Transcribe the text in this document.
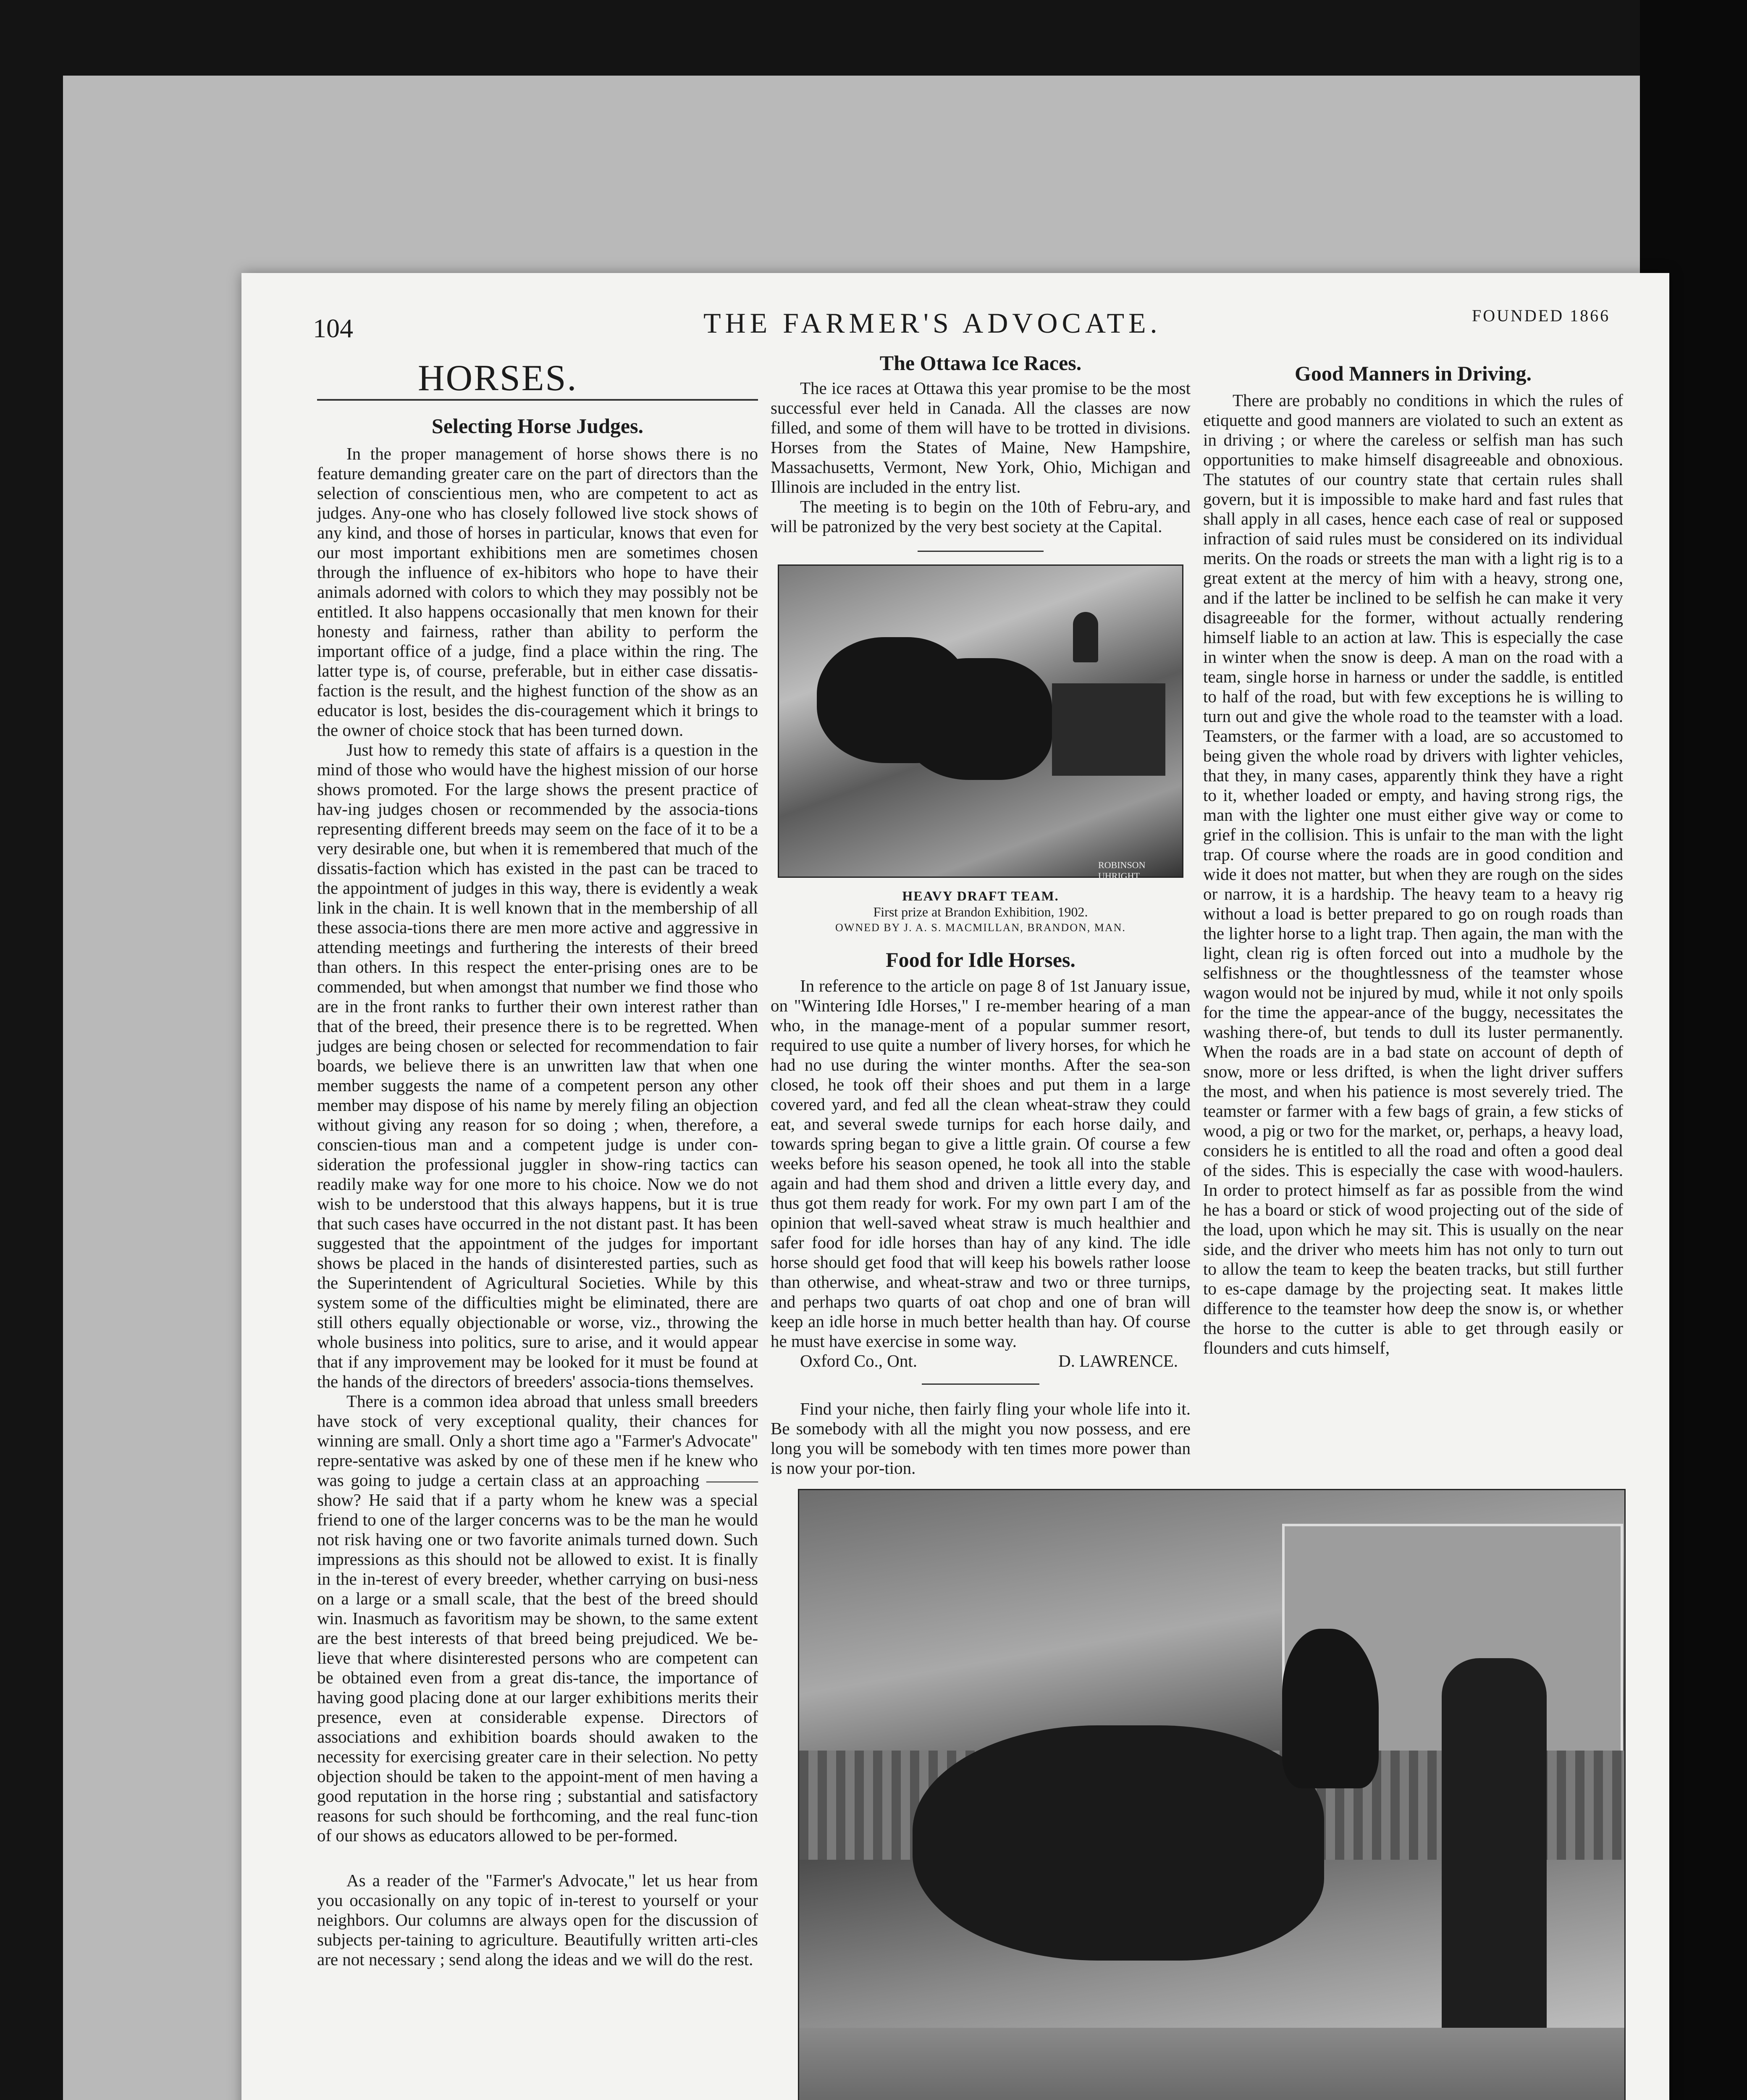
104	THE FARMER'S ADVOCATE.	FOUNDED 1866
HORSES.
Selecting Horse Judges.

In the proper management of horse shows there is no feature demanding greater care on the part of directors than the selection of conscientious men, who are competent to act as judges. Any-one who has closely followed live stock shows of any kind, and those of horses in particular, knows that even for our most important exhibitions men are sometimes chosen through the influence of ex-hibitors who hope to have their animals adorned with colors to which they may possibly not be entitled. It also happens occasionally that men known for their honesty and fairness, rather than ability to perform the important office of a judge, find a place within the ring. The latter type is, of course, preferable, but in either case dissatis-faction is the result, and the highest function of the show as an educator is lost, besides the dis-couragement which it brings to the owner of choice stock that has been turned down.

Just how to remedy this state of affairs is a question in the mind of those who would have the highest mission of our horse shows promoted. For the large shows the present practice of hav-ing judges chosen or recommended by the associa-tions representing different breeds may seem on the face of it to be a very desirable one, but when it is remembered that much of the dissatis-faction which has existed in the past can be traced to the appointment of judges in this way, there is evidently a weak link in the chain. It is well known that in the membership of all these associa-tions there are men more active and aggressive in attending meetings and furthering the interests of their breed than others. In this respect the enter-prising ones are to be commended, but when amongst that number we find those who are in the front ranks to further their own interest rather than that of the breed, their presence there is to be regretted. When judges are being chosen or selected for recommendation to fair boards, we believe there is an unwritten law that when one member suggests the name of a competent person any other member may dispose of his name by merely filing an objection without giving any reason for so doing ; when, therefore, a conscien-tious man and a competent judge is under con-sideration the professional juggler in show-ring tactics can readily make way for one more to his choice. Now we do not wish to be understood that this always happens, but it is true that such cases have occurred in the not distant past. It has been suggested that the appointment of the judges for important shows be placed in the hands of disinterested parties, such as the Superintendent of Agricultural Societies. While by this system some of the difficulties might be eliminated, there are still others equally objectionable or worse, viz., throwing the whole business into politics, sure to arise, and it would appear that if any improvement may be looked for it must be found at the hands of the directors of breeders' associa-tions themselves.

There is a common idea abroad that unless small breeders have stock of very exceptional quality, their chances for winning are small. Only a short time ago a "Farmer's Advocate" repre-sentative was asked by one of these men if he knew who was going to judge a certain class at an approaching ——— show? He said that if a party whom he knew was a special friend to one of the larger concerns was to be the man he would not risk having one or two favorite animals turned down. Such impressions as this should not be allowed to exist. It is finally in the in-terest of every breeder, whether carrying on busi-ness on a large or a small scale, that the best of the breed should win. Inasmuch as favoritism may be shown, to the same extent are the best interests of that breed being prejudiced. We be-lieve that where disinterested persons who are competent can be obtained even from a great dis-tance, the importance of having good placing done at our larger exhibitions merits their presence, even at considerable expense. Directors of associations and exhibition boards should awaken to the necessity for exercising greater care in their selection. No petty objection should be taken to the appoint-ment of men having a good reputation in the horse ring ; substantial and satisfactory reasons for such should be forthcoming, and the real func-tion of our shows as educators allowed to be per-formed.

As a reader of the "Farmer's Advocate," let us hear from you occasionally on any topic of in-terest to yourself or your neighbors. Our columns are always open for the discussion of subjects per-taining to agriculture. Beautifully written arti-cles are not necessary ; send along the ideas and we will do the rest.

The Ottawa Ice Races.

The ice races at Ottawa this year promise to be the most successful ever held in Canada. All the classes are now filled, and some of them will have to be trotted in divisions. Horses from the States of Maine, New Hampshire, Massachusetts, Vermont, New York, Ohio, Michigan and Illinois are included in the entry list.

The meeting is to begin on the 10th of Febru-ary, and will be patronized by the very best society at the Capital.

ROBINSON UHRIGHT
HEAVY DRAFT TEAM.
First prize at Brandon Exhibition, 1902.
OWNED BY J. A. S. MACMILLAN, BRANDON, MAN.
Food for Idle Horses.

In reference to the article on page 8 of 1st January issue, on "Wintering Idle Horses," I re-member hearing of a man who, in the manage-ment of a popular summer resort, required to use quite a number of livery horses, for which he had no use during the winter months. After the sea-son closed, he took off their shoes and put them in a large covered yard, and fed all the clean wheat-straw they could eat, and several swede turnips for each horse daily, and towards spring began to give a little grain. Of course a few weeks before his season opened, he took all into the stable again and had them shod and driven a little every day, and thus got them ready for work. For my own part I am of the opinion that well-saved wheat straw is much healthier and safer food for idle horses than hay of any kind. The idle horse should get food that will keep his bowels rather loose than otherwise, and wheat-straw and two or three turnips, and perhaps two quarts of oat chop and one of bran will keep an idle horse in much better health than hay. Of course he must have exercise in some way.

Oxford Co., Ont.	D. LAWRENCE.

Find your niche, then fairly fling your whole life into it. Be somebody with all the might you now possess, and ere long you will be somebody with ten times more power than is now your por-tion.

Good Manners in Driving.

There are probably no conditions in which the rules of etiquette and good manners are violated to such an extent as in driving ; or where the careless or selfish man has such opportunities to make himself disagreeable and obnoxious. The statutes of our country state that certain rules shall govern, but it is impossible to make hard and fast rules that shall apply in all cases, hence each case of real or supposed infraction of said rules must be considered on its individual merits. On the roads or streets the man with a light rig is to a great extent at the mercy of him with a heavy, strong one, and if the latter be inclined to be selfish he can make it very disagreeable for the former, without actually rendering himself liable to an action at law. This is especially the case in winter when the snow is deep. A man on the road with a team, single horse in harness or under the saddle, is entitled to half of the road, but with few exceptions he is willing to turn out and give the whole road to the teamster with a load. Teamsters, or the farmer with a load, are so accustomed to being given the whole road by drivers with lighter vehicles, that they, in many cases, apparently think they have a right to it, whether loaded or empty, and having strong rigs, the man with the lighter one must either give way or come to grief in the collision. This is unfair to the man with the light trap. Of course where the roads are in good condition and wide it does not matter, but when they are rough on the sides or narrow, it is a hardship. The heavy team to a heavy rig without a load is better prepared to go on rough roads than the lighter horse to a light trap. Then again, the man with the light, clean rig is often forced out into a mudhole by the selfishness or the thoughtlessness of the teamster whose wagon would not be injured by mud, while it not only spoils for the time the appear-ance of the buggy, necessitates the washing there-of, but tends to dull its luster permanently. When the roads are in a bad state on account of depth of snow, more or less drifted, is when the light driver suffers the most, and when his patience is most severely tried. The teamster or farmer with a few bags of grain, a few sticks of wood, a pig or two for the market, or, perhaps, a heavy load, considers he is entitled to all the road and often a good deal of the sides. This is especially the case with wood-haulers. In order to protect himself as far as possible from the wind he has a board or stick of wood projecting out of the side of the load, upon which he may sit. This is usually on the near side, and the driver who meets him has not only to turn out to allow the team to keep the beaten tracks, but still further to es-cape damage by the projecting seat. It makes little difference to the teamster how deep the snow is, or whether the horse to the cutter is able to get through easily or flounders and cuts himself,
